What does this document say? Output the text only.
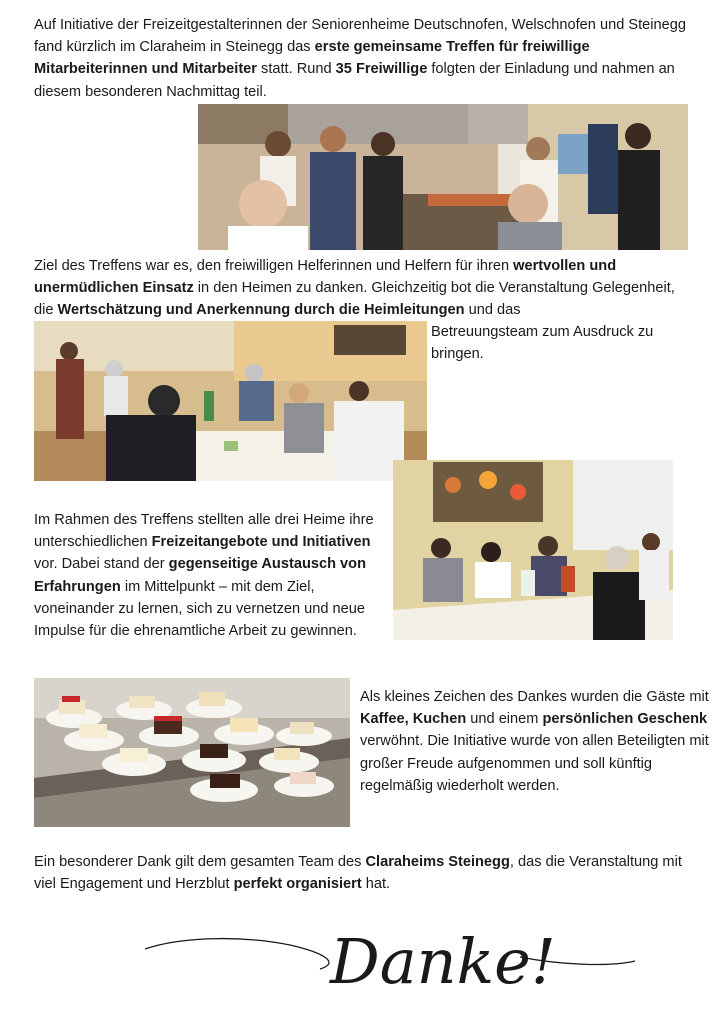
Auf Initiative der Freizeitgestalterinnen der Seniorenheime Deutschnofen, Welschnofen und Steinegg fand kürzlich im Claraheim in Steinegg das erste gemeinsame Treffen für freiwillige Mitarbeiterinnen und Mitarbeiter statt. Rund 35 Freiwillige folgten der Einladung und nahmen an diesem besonderen Nachmittag teil.
Ziel des Treffens war es, den freiwilligen Helferinnen und Helfern für ihren wertvollen und unermüdlichen Einsatz in den Heimen zu danken. Gleichzeitig bot die Veranstaltung Gelegenheit, die Wertschätzung und Anerkennung durch die Heimleitungen und das
Betreuungsteam zum Ausdruck zu bringen.
Im Rahmen des Treffens stellten alle drei Heime ihre unterschiedlichen Freizeitangebote und Initiativen vor. Dabei stand der gegenseitige Austausch von Erfahrungen im Mittelpunkt – mit dem Ziel, voneinander zu lernen, sich zu vernetzen und neue Impulse für die ehrenamtliche Arbeit zu gewinnen.
Als kleines Zeichen des Dankes wurden die Gäste mit Kaffee, Kuchen und einem persönlichen Geschenk verwöhnt. Die Initiative wurde von allen Beteiligten mit großer Freude aufgenommen und soll künftig regelmäßig wiederholt werden.
Ein besonderer Dank gilt dem gesamten Team des Claraheims Steinegg, das die Veranstaltung mit viel Engagement und Herzblut perfekt organisiert hat.
Danke!
